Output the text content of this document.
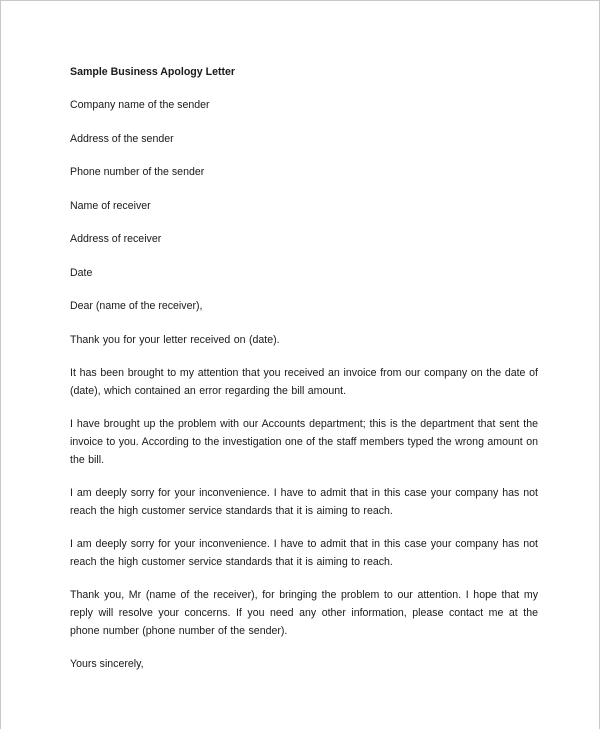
Sample Business Apology Letter
Company name of the sender
Address of the sender
Phone number of the sender
Name of receiver
Address of receiver
Date
Dear (name of the receiver),
Thank you for your letter received on (date).
It has been brought to my attention that you received an invoice from our company on the date of (date), which contained an error regarding the bill amount.
I have brought up the problem with our Accounts department; this is the department that sent the invoice to you. According to the investigation one of the staff members typed the wrong amount on the bill.
I am deeply sorry for your inconvenience. I have to admit that in this case your company has not reach the high customer service standards that it is aiming to reach.
I am deeply sorry for your inconvenience. I have to admit that in this case your company has not reach the high customer service standards that it is aiming to reach.
Thank you, Mr (name of the receiver), for bringing the problem to our attention. I hope that my reply will resolve your concerns. If you need any other information, please contact me at the phone number (phone number of the sender).
Yours sincerely,
